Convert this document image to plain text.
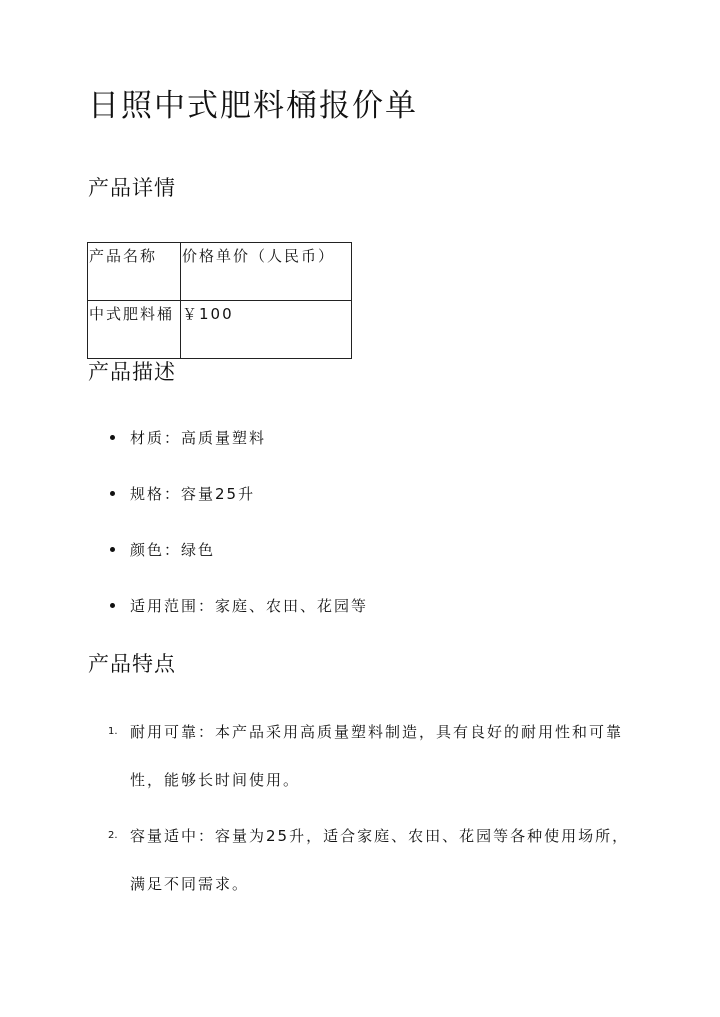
日照中式肥料桶报价单
产品详情
产品名称	价格单价（人民币）
中式肥料桶	￥100
产品描述
材质：高质量塑料
规格：容量25升
颜色：绿色
适用范围：家庭、农田、花园等
产品特点
1. 耐用可靠：本产品采用高质量塑料制造，具有良好的耐用性和可靠性，能够长时间使用。
2. 容量适中：容量为25升，适合家庭、农田、花园等各种使用场所，满足不同需求。
